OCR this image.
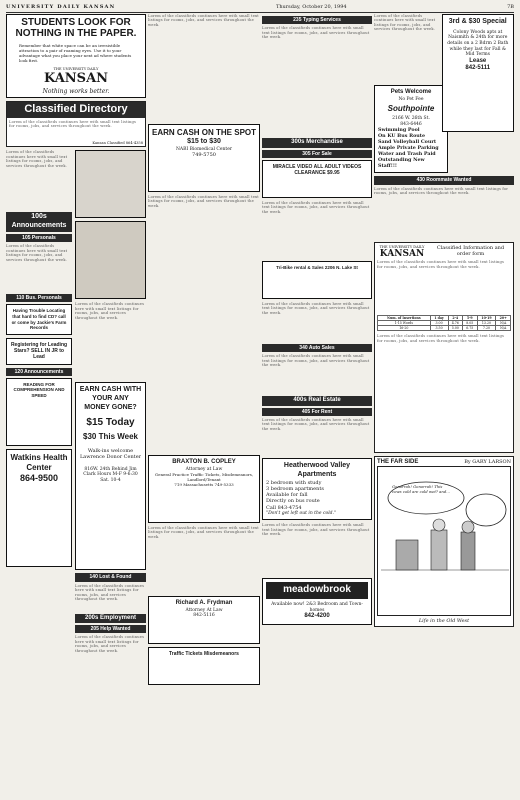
UNIVERSITY DAILY KANSAN	Thursday, October 20, 1994	7B
STUDENTS LOOK FOR NOTHING IN THE PAPER.
Remember that white space can be an irresistible attraction to a pair of roaming eyes. Use it to your advantage what you place your next ad where students look first.
THE UNIVERSITY DAILY
KANSAN
Nothing works better.
Classified Directory
Lorem of the classifieds continues here with small text listings for rooms, jobs, and services throughout the week.
Kansan Classified 864-4358
Lorem of the classifieds continues here with small text listings for rooms, jobs, and services throughout the week.
100s Announcements
105 Personals
Lorem of the classifieds continues here with small text listings for rooms, jobs, and services throughout the week.
110 Bus. Personals
Having Trouble Locating that hard to find CD? call or come by Jackie's Farm Records
Registering for Leading Stars? SELL IN JR to Lead
120 Announcements
READING FOR COMPREHENSION AND SPEED
Watkins Health Center
864-9500
Lorem of the classifieds continues here with small text listings for rooms, jobs, and services throughout the week.
EARN CASH WITH YOUR ANY MONEY GONE?
$15 Today
$30 This Week
Walk-ins welcome Lawrence Donor Center
816W. 24th Behind Jim Clark Hours M-F 9-6:30 Sat. 10-4
140 Lost & Found
Lorem of the classifieds continues here with small text listings for rooms, jobs, and services throughout the week.
200s Employment
205 Help Wanted
Lorem of the classifieds continues here with small text listings for rooms, jobs, and services throughout the week.
Lorem of the classifieds continues here with small text listings for rooms, jobs, and services throughout the week.
EARN CASH ON THE SPOT
$15 to $30
NABI Biomedical Center
749-5750
Lorem of the classifieds continues here with small text listings for rooms, jobs, and services throughout the week.
BRAXTON B. COPLEY
Attorney at Law
General Practice Traffic Tickets, Misdemeanors, Landlord/Tenant
719 Massachusetts 749-5333
Lorem of the classifieds continues here with small text listings for rooms, jobs, and services throughout the week.
Richard A. Frydman
Attorney At Law
842-5116
Traffic Tickets Misdemeanors
235 Typing Services
Lorem of the classifieds continues here with small text listings for rooms, jobs, and services throughout the week.
300s Merchandise
305 For Sale
MIRACLE VIDEO ALL ADULT VIDEOS CLEARANCE $9.95
Lorem of the classifieds continues here with small text listings for rooms, jobs, and services throughout the week.
Tri-Bike rental & Sales 2206 N. Lake St
Lorem of the classifieds continues here with small text listings for rooms, jobs, and services throughout the week.
340 Auto Sales
Lorem of the classifieds continues here with small text listings for rooms, jobs, and services throughout the week.
400s Real Estate
405 For Rent
Lorem of the classifieds continues here with small text listings for rooms, jobs, and services throughout the week.
Heatherwood Valley Apartments
2 bedroom with study
3 bedroom apartments
Available for fall
Directly on bus route
Call 843-4754
"Don't get left out in the cold."
Lorem of the classifieds continues here with small text listings for rooms, jobs, and services throughout the week.
meadowbrook
Available now! 2&3 Bedroom and Town-homes
842-4200
Lorem of the classifieds continues here with small text listings for rooms, jobs, and services throughout the week.
3rd & $30 Special
Colony Woods apts at Naismith & 24th for more details on a 2 Bdrm 2 Bath while they last for Fall & Mid Terms
Lease
842-5111
Pets Welcome
No Pet Fee
Southpointe
2166 W. 26th St.
843-6446
Swimming Pool
On KU Bus Route
Sand Volleyball Court
Ample Private Parking
Water and Trash Paid
Outstanding New Staff!!!
430 Roommate Wanted
Lorem of the classifieds continues here with small text listings for rooms, jobs, and services throughout the week.
THE UNIVERSITY DAILY
KANSAN
Classified Information and order form
Lorem of the classifieds continues here with small text listings for rooms, jobs, and services throughout the week.
Num. of Insertions	1 day	2-4	5-9	10-19	20+
1-15 Words	3.00	4.76	8.05	13.20	N/A
16-20	3.50	5.00	6.75	7.20	N/A
Lorem of the classifieds continues here with small text listings for rooms, jobs, and services throughout the week.
THE FAR SIDE	By GARY LARSON
Gonorrah! Gonorrah! This cows cold are cold wet? and...
Life in the Old West
